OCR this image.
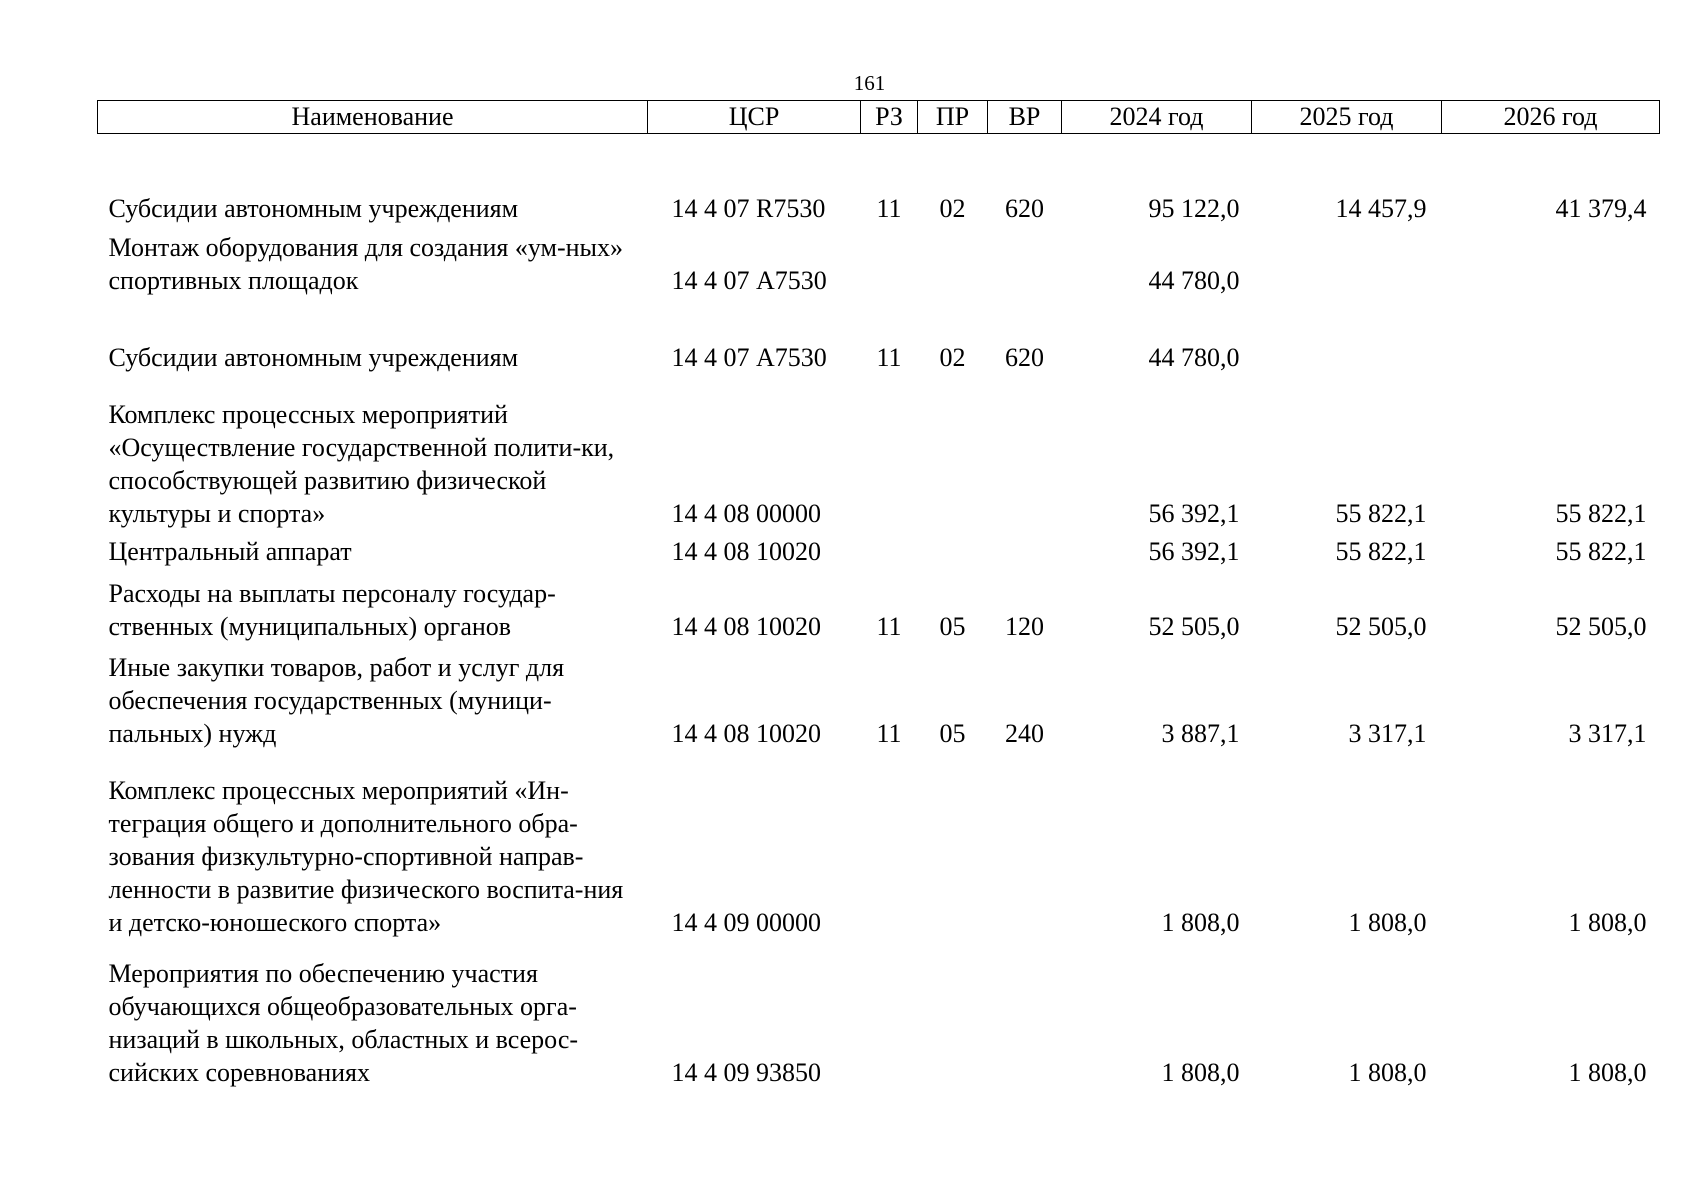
161
Наименование	ЦСР	РЗ	ПР	ВР	2024 год	2025 год	2026 год

Субсидии автономным учреждениям	14 4 07 R7530	11	02	620	95 122,0	14 457,9	41 379,4
Монтаж оборудования для создания «ум-ных» спортивных площадок	14 4 07 А7530				44 780,0		
Субсидии автономным учреждениям	14 4 07 А7530	11	02	620	44 780,0		
Комплекс процессных мероприятий «Осуществление государственной полити-ки, способствующей развитию физической культуры и спорта»	14 4 08 00000				56 392,1	55 822,1	55 822,1
Центральный аппарат	14 4 08 10020				56 392,1	55 822,1	55 822,1
Расходы на выплаты персоналу государ-ственных (муниципальных) органов	14 4 08 10020	11	05	120	52 505,0	52 505,0	52 505,0
Иные закупки товаров, работ и услуг для обеспечения государственных (муници-пальных) нужд	14 4 08 10020	11	05	240	3 887,1	3 317,1	3 317,1
Комплекс процессных мероприятий «Ин-теграция общего и дополнительного обра-зования физкультурно-спортивной направ-ленности в развитие физического воспита-ния и детско-юношеского спорта»	14 4 09 00000				1 808,0	1 808,0	1 808,0
Мероприятия по обеспечению участия обучающихся общеобразовательных орга-низаций в школьных, областных и всерос-сийских соревнованиях	14 4 09 93850				1 808,0	1 808,0	1 808,0
